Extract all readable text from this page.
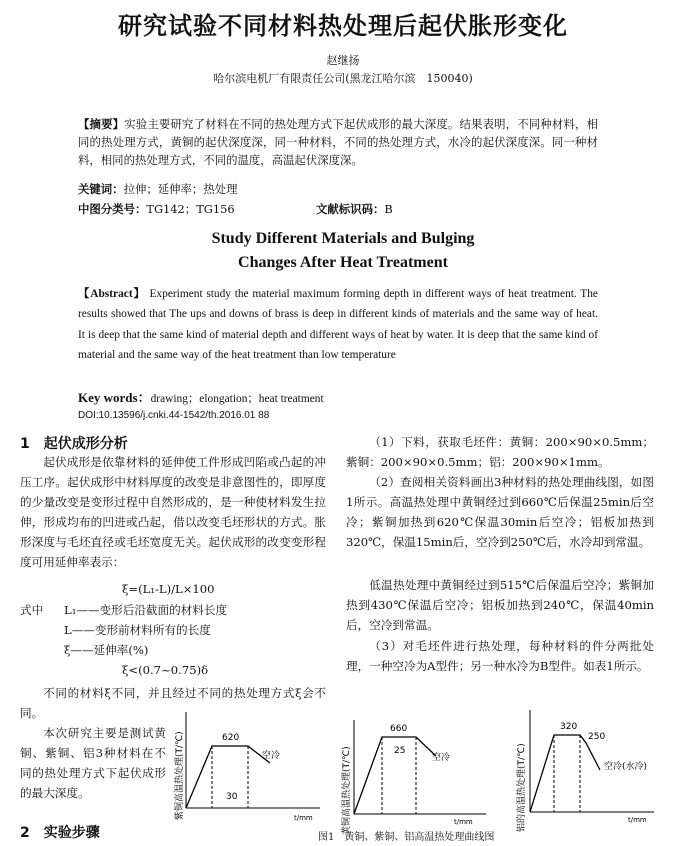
研究试验不同材料热处理后起伏胀形变化
赵继扬
哈尔滨电机厂有限责任公司(黑龙江哈尔滨　150040)
【摘要】实验主要研究了材料在不同的热处理方式下起伏成形的最大深度。结果表明，不同种材料，相同的热处理方式，黄铜的起伏深度深，同一种材料，不同的热处理方式，水冷的起伏深度深。同一种材料，相同的热处理方式，不同的温度，高温起伏深度深。
关键词：拉伸；延伸率；热处理
中图分类号：TG142；TG156	文献标识码：B
Study Different Materials and Bulging
Changes After Heat Treatment
【Abstract】 Experiment study the material maximum forming depth in different ways of heat treatment. The results showed that The ups and downs of brass is deep in different kinds of materials and the same way of heat. It is deep that the same kind of material depth and different ways of heat by water. It is deep that the same kind of material and the same way of the heat treatment than low temperature
Key words：drawing；elongation；heat treatment
DOI:10.13596/j.cnki.44-1542/th.2016.01 88
1 起伏成形分析
起伏成形是依靠材料的延伸使工件形成凹陷或凸起的冲压工序。起伏成形中材料厚度的改变是非意图性的，即厚度的少量改变是变形过程中自然形成的，是一种使材料发生拉伸，形成均布的凹进或凸起，借以改变毛坯形状的方式。胀形深度与毛坯直径或毛坯宽度无关。起伏成形的改变变形程度可用延伸率表示：
ξ=(L₁-L)/L×100
式中 L₁——变形后沿截面的材料长度
L——变形前材料所有的长度
ξ——延伸率(%)
ξ<(0.7~0.75)δ
不同的材料ξ不同，并且经过不同的热处理方式ξ会不同。
本次研究主要是测试黄铜、紫铜、铝3种材料在不同的热处理方式下起伏成形的最大深度。
2 实验步骤
（1）下料，获取毛坯件：黄铜：200×90×0.5mm；紫铜：200×90×0.5mm；铝：200×90×1mm。
（2）查阅相关资料画出3种材料的热处理曲线图，如图1所示。高温热处理中黄铜经过到660℃后保温25min后空冷；紫铜加热到620℃保温30min后空冷；铝板加热到320℃，保温15min后，空冷到250℃后，水冷却到常温。
低温热处理中黄铜经过到515℃后保温后空冷；紫铜加热到430℃保温后空冷；铝板加热到240℃，保温40min后，空冷到常温。
（3）对毛坯件进行热处理，每种材料的件分两批处理，一种空冷为A型件；另一种水冷为B型件。如表1所示。
紫铜高温热处理(T/℃)	620
30
空冷
t/mm	黄铜高温热处理(T/℃)
660
25
空冷
t/mm	铝的高温热处理(T/℃)
320
250
空冷(水冷)
t/mm
图1　黄铜、紫铜、铝高温热处理曲线图
